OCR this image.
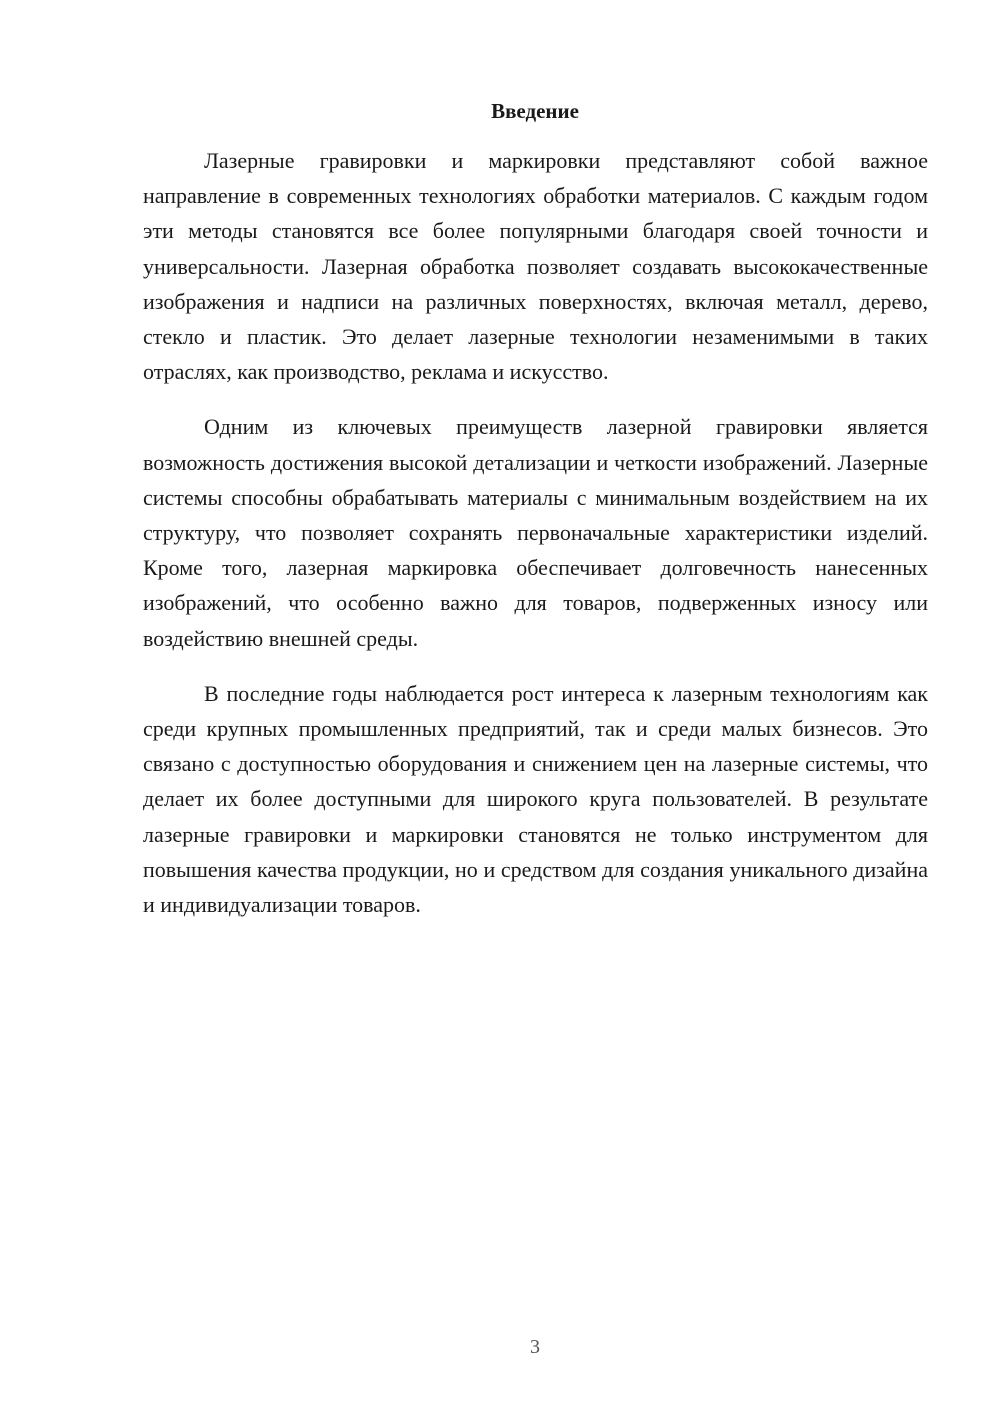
Введение

Лазерные гравировки и маркировки представляют собой важное направление в современных технологиях обработки материалов. С каждым годом эти методы становятся все более популярными благодаря своей точности и универсальности. Лазерная обработка позволяет создавать высококачественные изображения и надписи на различных поверхностях, включая металл, дерево, стекло и пластик. Это делает лазерные технологии незаменимыми в таких отраслях, как производство, реклама и искусство.

Одним из ключевых преимуществ лазерной гравировки является возможность достижения высокой детализации и четкости изображений. Лазерные системы способны обрабатывать материалы с минимальным воздействием на их структуру, что позволяет сохранять первоначальные характеристики изделий. Кроме того, лазерная маркировка обеспечивает долговечность нанесенных изображений, что особенно важно для товаров, подверженных износу или воздействию внешней среды.

В последние годы наблюдается рост интереса к лазерным технологиям как среди крупных промышленных предприятий, так и среди малых бизнесов. Это связано с доступностью оборудования и снижением цен на лазерные системы, что делает их более доступными для широкого круга пользователей. В результате лазерные гравировки и маркировки становятся не только инструментом для повышения качества продукции, но и средством для создания уникального дизайна и индивидуализации товаров.

3
